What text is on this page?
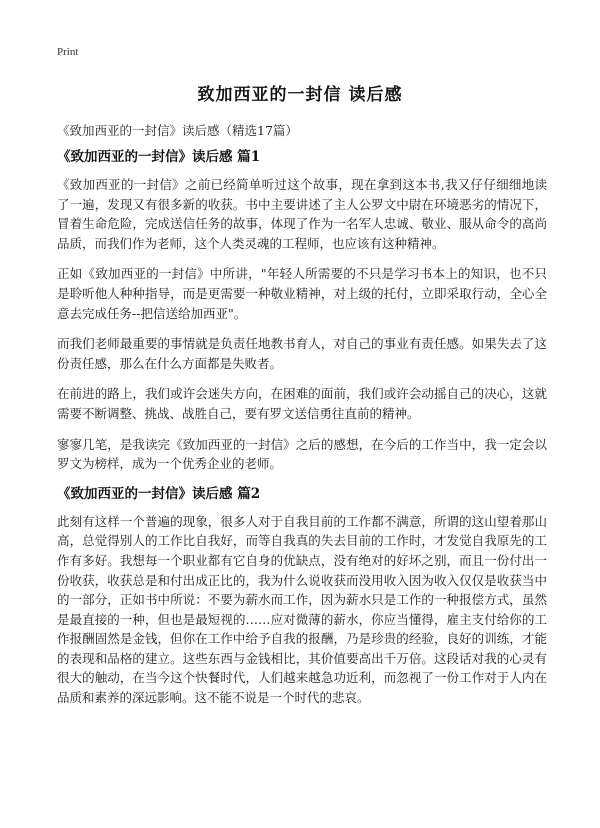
Print
致加西亚的一封信 读后感
《致加西亚的一封信》读后感（精选17篇）
《致加西亚的一封信》读后感 篇1

《致加西亚的一封信》之前已经简单听过这个故事，现在拿到这本书,我又仔仔细细地读了一遍，发现又有很多新的收获。书中主要讲述了主人公罗文中尉在环境恶劣的情况下，冒着生命危险，完成送信任务的故事，体现了作为一名军人忠诚、敬业、服从命令的高尚品质，而我们作为老师，这个人类灵魂的工程师，也应该有这种精神。

正如《致加西亚的一封信》中所讲，"年轻人所需要的不只是学习书本上的知识，也不只是聆听他人种种指导，而是更需要一种敬业精神，对上级的托付，立即采取行动，全心全意去完成任务--把信送给加西亚"。

而我们老师最重要的事情就是负责任地教书育人，对自己的事业有责任感。如果失去了这份责任感，那么在什么方面都是失败者。

在前进的路上，我们或许会迷失方向，在困难的面前，我们或许会动摇自己的决心，这就需要不断调整、挑战、战胜自己，要有罗文送信勇往直前的精神。

寥寥几笔，是我读完《致加西亚的一封信》之后的感想，在今后的工作当中，我一定会以罗文为榜样，成为一个优秀企业的老师。

《致加西亚的一封信》读后感 篇2

此刻有这样一个普遍的现象，很多人对于自我目前的工作都不满意，所谓的这山望着那山高，总觉得别人的工作比自我好，而等自我真的失去目前的工作时，才发觉自我原先的工作有多好。我想每一个职业都有它自身的优缺点，没有绝对的好坏之别，而且一份付出一份收获，收获总是和付出成正比的，我为什么说收获而没用收入因为收入仅仅是收获当中的一部分，正如书中所说：不要为薪水而工作，因为薪水只是工作的一种报偿方式，虽然是最直接的一种，但也是最短视的……应对微薄的薪水，你应当懂得，雇主支付给你的工作报酬固然是金钱，但你在工作中给予自我的报酬，乃是珍贵的经验，良好的训练，才能的表现和品格的建立。这些东西与金钱相比，其价值要高出千万倍。这段话对我的心灵有很大的触动，在当今这个快餐时代，人们越来越急功近利，而忽视了一份工作对于人内在品质和素养的深远影响。这不能不说是一个时代的悲哀。
